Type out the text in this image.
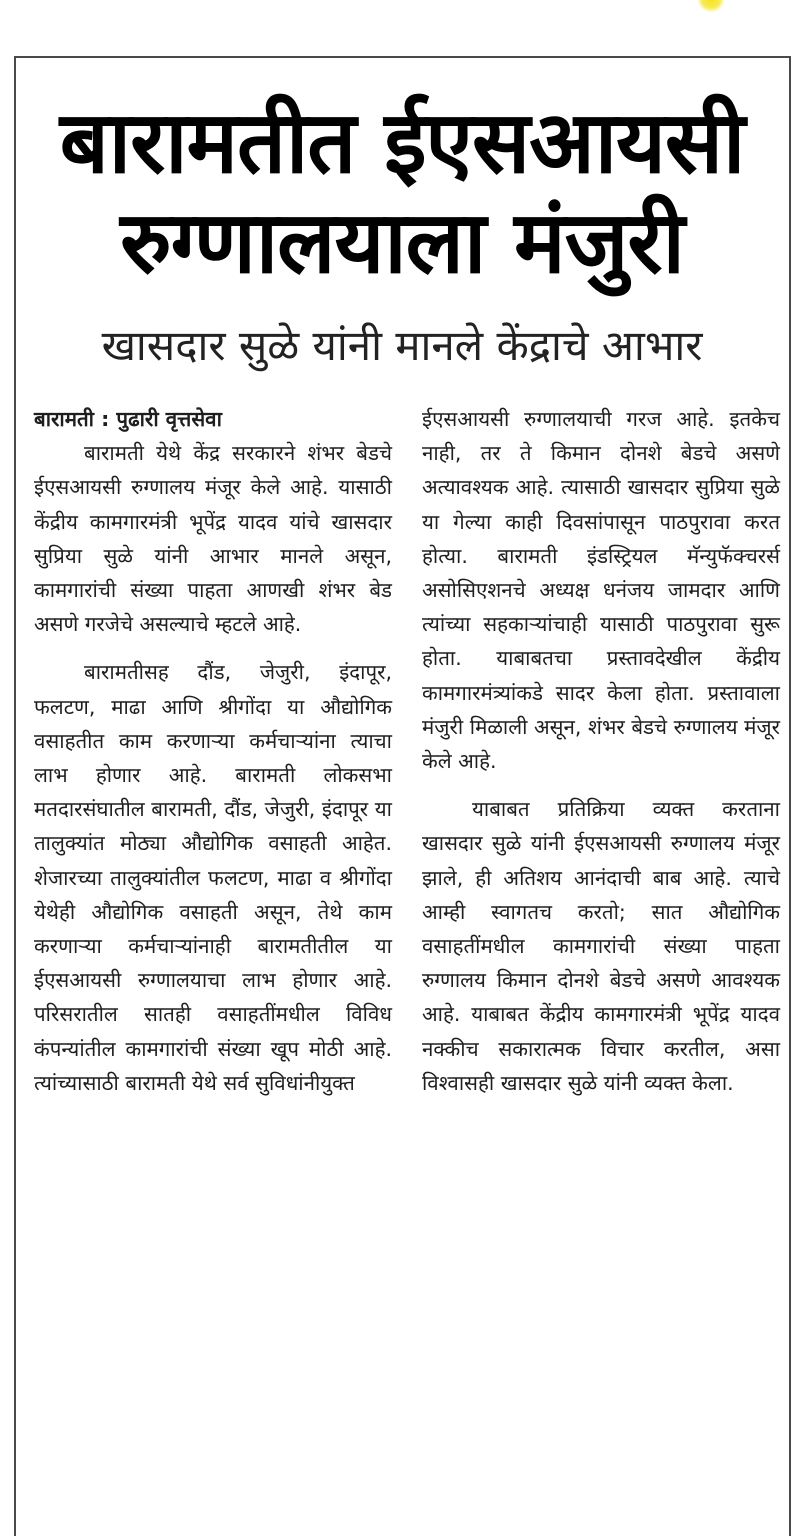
बारामतीत ईएसआयसी
रुग्णालयाला मंजुरी
खासदार सुळे यांनी मानले केंद्राचे आभार
बारामती : पुढारी वृत्तसेवा

बारामती येथे केंद्र सरकारने शंभर बेडचे ईएसआयसी रुग्णालय मंजूर केले आहे. यासाठी केंद्रीय कामगारमंत्री भूपेंद्र यादव यांचे खासदार सुप्रिया सुळे यांनी आभार मानले असून, कामगारांची संख्या पाहता आणखी शंभर बेड असणे गरजेचे असल्याचे म्हटले आहे.

बारामतीसह दौंड, जेजुरी, इंदापूर, फलटण, माढा आणि श्रीगोंदा या औद्योगिक वसाहतीत काम करणाऱ्या कर्मचाऱ्यांना त्याचा लाभ होणार आहे. बारामती लोकसभा मतदारसंघातील बारामती, दौंड, जेजुरी, इंदापूर या तालुक्यांत मोठ्या औद्योगिक वसाहती आहेत. शेजारच्या तालुक्यांतील फलटण, माढा व श्रीगोंदा येथेही औद्योगिक वसाहती असून, तेथे काम करणाऱ्या कर्मचाऱ्यांनाही बारामतीतील या ईएसआयसी रुग्णालयाचा लाभ होणार आहे. परिसरातील सातही वसाहतींमधील विविध कंपन्यांतील कामगारांची संख्या खूप मोठी आहे. त्यांच्यासाठी बारामती येथे सर्व सुविधांनीयुक्त

ईएसआयसी रुग्णालयाची गरज आहे. इतकेच नाही, तर ते किमान दोनशे बेडचे असणे अत्यावश्यक आहे. त्यासाठी खासदार सुप्रिया सुळे या गेल्या काही दिवसांपासून पाठपुरावा करत होत्या. बारामती इंडस्ट्रियल मॅन्युफॅक्चरर्स असोसिएशनचे अध्यक्ष धनंजय जामदार आणि त्यांच्या सहकाऱ्यांचाही यासाठी पाठपुरावा सुरू होता. याबाबतचा प्रस्तावदेखील केंद्रीय कामगारमंत्र्यांकडे सादर केला होता. प्रस्तावाला मंजुरी मिळाली असून, शंभर बेडचे रुग्णालय मंजूर केले आहे.

याबाबत प्रतिक्रिया व्यक्त करताना खासदार सुळे यांनी ईएसआयसी रुग्णालय मंजूर झाले, ही अतिशय आनंदाची बाब आहे. त्याचे आम्ही स्वागतच करतो; सात औद्योगिक वसाहतींमधील कामगारांची संख्या पाहता रुग्णालय किमान दोनशे बेडचे असणे आवश्यक आहे. याबाबत केंद्रीय कामगारमंत्री भूपेंद्र यादव नक्कीच सकारात्मक विचार करतील, असा विश्वासही खासदार सुळे यांनी व्यक्त केला.
